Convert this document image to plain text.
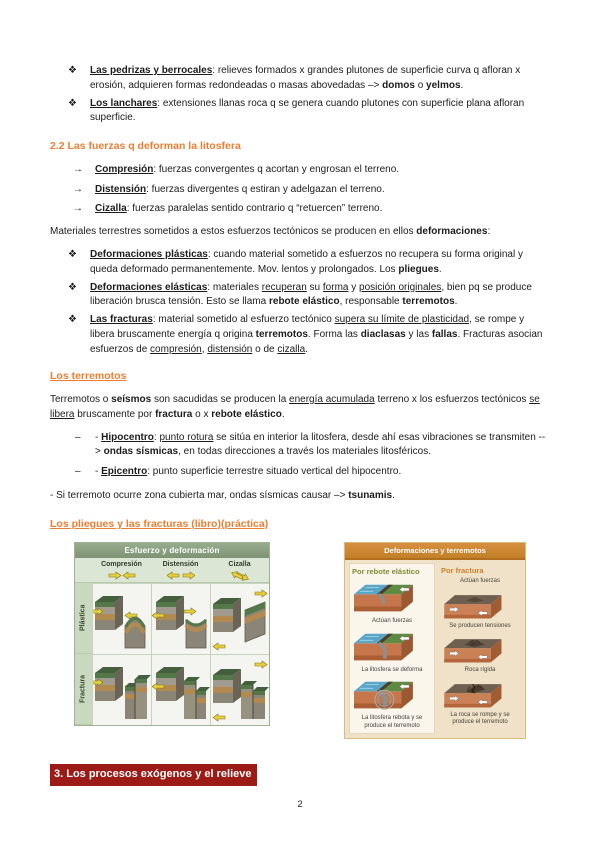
❖	Las pedrizas y berrocales: relieves formados x grandes plutones de superficie curva q afloran x erosión, adquieren formas redondeadas o masas abovedadas –> domos o yelmos.
❖	Los lanchares: extensiones llanas roca q se genera cuando plutones con superficie plana afloran superficie.
2.2 Las fuerzas q deforman la litosfera
→	Compresión: fuerzas convergentes q acortan y engrosan el terreno.
→	Distensión: fuerzas divergentes q estiran y adelgazan el terreno.
→	Cizalla: fuerzas paralelas sentido contrario q “retuercen” terreno.
Materiales terrestres sometidos a estos esfuerzos tectónicos se producen en ellos deformaciones:
❖	Deformaciones plásticas: cuando material sometido a esfuerzos no recupera su forma original y queda deformado permanentemente. Mov. lentos y prolongados. Los pliegues.
❖	Deformaciones elásticas: materiales recuperan su forma y posición originales, bien pq se produce liberación brusca tensión. Esto se llama rebote elástico, responsable terremotos.
❖	Las fracturas: material sometido al esfuerzo tectónico supera su límite de plasticidad, se rompe y libera bruscamente energía q origina terremotos. Forma las diaclasas y las fallas. Fracturas asocian esfuerzos de compresión, distensión o de cizalla.
Los terremotos
Terremotos o seísmos son sacudidas se producen la energía acumulada terreno x los esfuerzos tectónicos se libera bruscamente por fractura o x rebote elástico.
–	- Hipocentro: punto rotura se sitúa en interior la litosfera, desde ahí esas vibraciones se transmiten --> ondas sísmicas, en todas direcciones a través los materiales litosféricos.
–	- Epicentro: punto superficie terrestre situado vertical del hipocentro.
- Si terremoto ocurre zona cubierta mar, ondas sísmicas causar –> tsunamis.
Los pliegues y las fracturas (libro)(práctica)
Esfuerzo y deformación
Compresión	Distensión	Cizalla
Plástica
Fractura
Deformaciones y terremotos
Por rebote elástico
Actúan fuerzas
La litosfera se deforma
La litosfera rebota y se produce el terremoto
Por fractura
Actúan fuerzas
Se producen tensiones
Roca rígida
La roca se rompe y se produce el terremoto
3. Los procesos exógenos y el relieve
2
